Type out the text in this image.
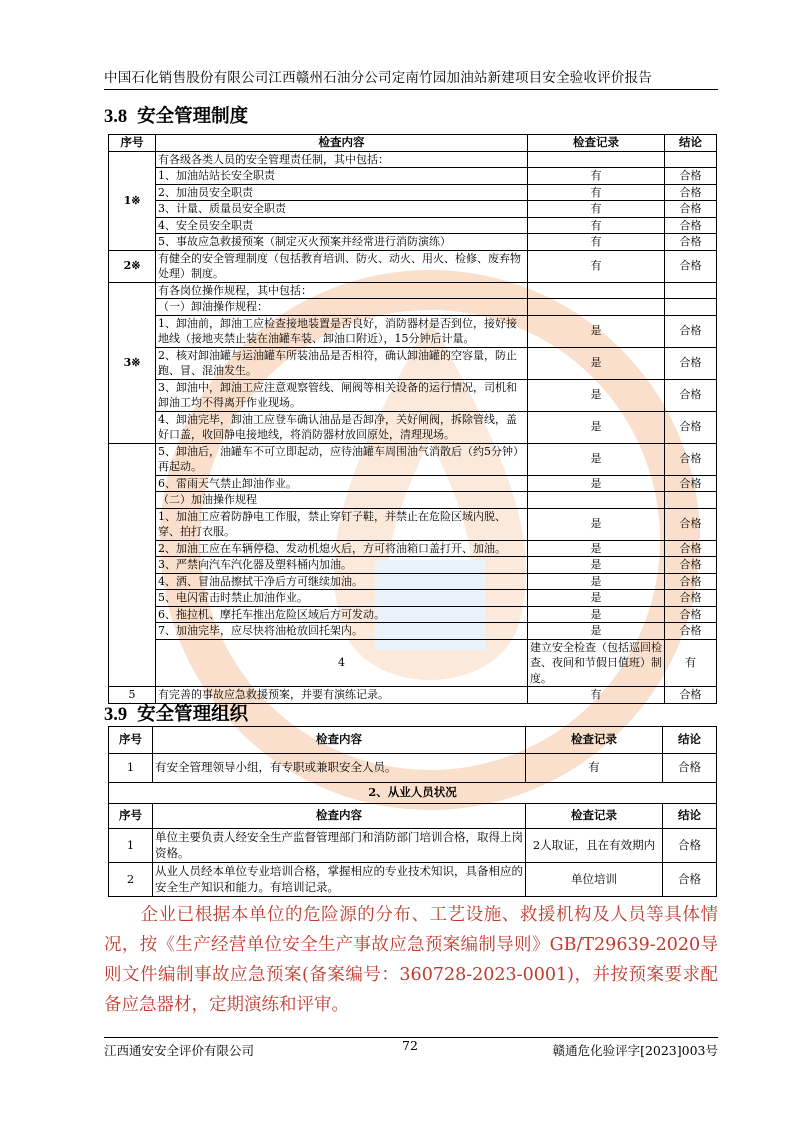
中国石化销售股份有限公司江西赣州石油分公司定南竹园加油站新建项目安全验收评价报告
3.8 安全管理制度
序号	检查内容	检查记录	结论	
1※	有各级各类人员的安全管理责任制，其中包括：			
	1、加油站站长安全职责	有	合格	
	2、加油员安全职责	有	合格	
	3、计量、质量员安全职责	有	合格	
	4、安全员安全职责	有	合格	
	5、事故应急救援预案（制定灭火预案并经常进行消防演练）	有	合格	
2※	有健全的安全管理制度（包括教育培训、防火、动火、用火、检修、废弃物处理）制度。	有	合格	
3※	有各岗位操作规程，其中包括：			
	（一）卸油操作规程：			
	1、卸油前，卸油工应检查接地装置是否良好，消防器材是否到位，接好接地线（接地夹禁止装在油罐车装、卸油口附近），15分钟后计量。	是	合格	
	2、核对卸油罐与运油罐车所装油品是否相符，确认卸油罐的空容量，防止跑、冒、混油发生。	是	合格	
	3、卸油中，卸油工应注意观察管线、闸阀等相关设备的运行情况，司机和卸油工均不得离开作业现场。	是	合格	
	4、卸油完毕，卸油工应登车确认油品是否卸净，关好闸阀，拆除管线，盖好口盖，收回静电接地线，将消防器材放回原处，清理现场。	是	合格	
	5、卸油后，油罐车不可立即起动，应待油罐车周围油气消散后（约5分钟）再起动。	是	合格	
	6、雷雨天气禁止卸油作业。	是	合格	
	（二）加油操作规程			
	1、加油工应着防静电工作服，禁止穿钉子鞋，并禁止在危险区域内脱、穿、拍打衣服。	是	合格	
	2、加油工应在车辆停稳、发动机熄火后，方可将油箱口盖打开、加油。	是	合格	
	3、严禁向汽车汽化器及塑料桶内加油。	是	合格	
	4、洒、冒油品擦拭干净后方可继续加油。	是	合格	
	5、电闪雷击时禁止加油作业。	是	合格	
	6、拖拉机、摩托车推出危险区域后方可发动。	是	合格	
	7、加油完毕，应尽快将油枪放回托架内。	是	合格	
	4	建立安全检查（包括巡回检查、夜间和节假日值班）制度。	有	
5	有完善的事故应急救援预案，并要有演练记录。	有	合格	
3.9 安全管理组织
序号	检查内容	检查记录	结论
1	有安全管理领导小组，有专职或兼职安全人员。	有	合格
2、从业人员状况			
序号	检查内容	检查记录	结论
1	单位主要负责人经安全生产监督管理部门和消防部门培训合格，取得上岗资格。	2人取证，且在有效期内	合格
2	从业人员经本单位专业培训合格，掌握相应的专业技术知识，具备相应的安全生产知识和能力。有培训记录。	单位培训	合格
企业已根据本单位的危险源的分布、工艺设施、救援机构及人员等具体情况，按《生产经营单位安全生产事故应急预案编制导则》GB/T29639-2020导则文件编制事故应急预案(备案编号：360728-2023-0001)，并按预案要求配备应急器材，定期演练和评审。
江西通安安全评价有限公司	72	赣通危化验评字[2023]003号
